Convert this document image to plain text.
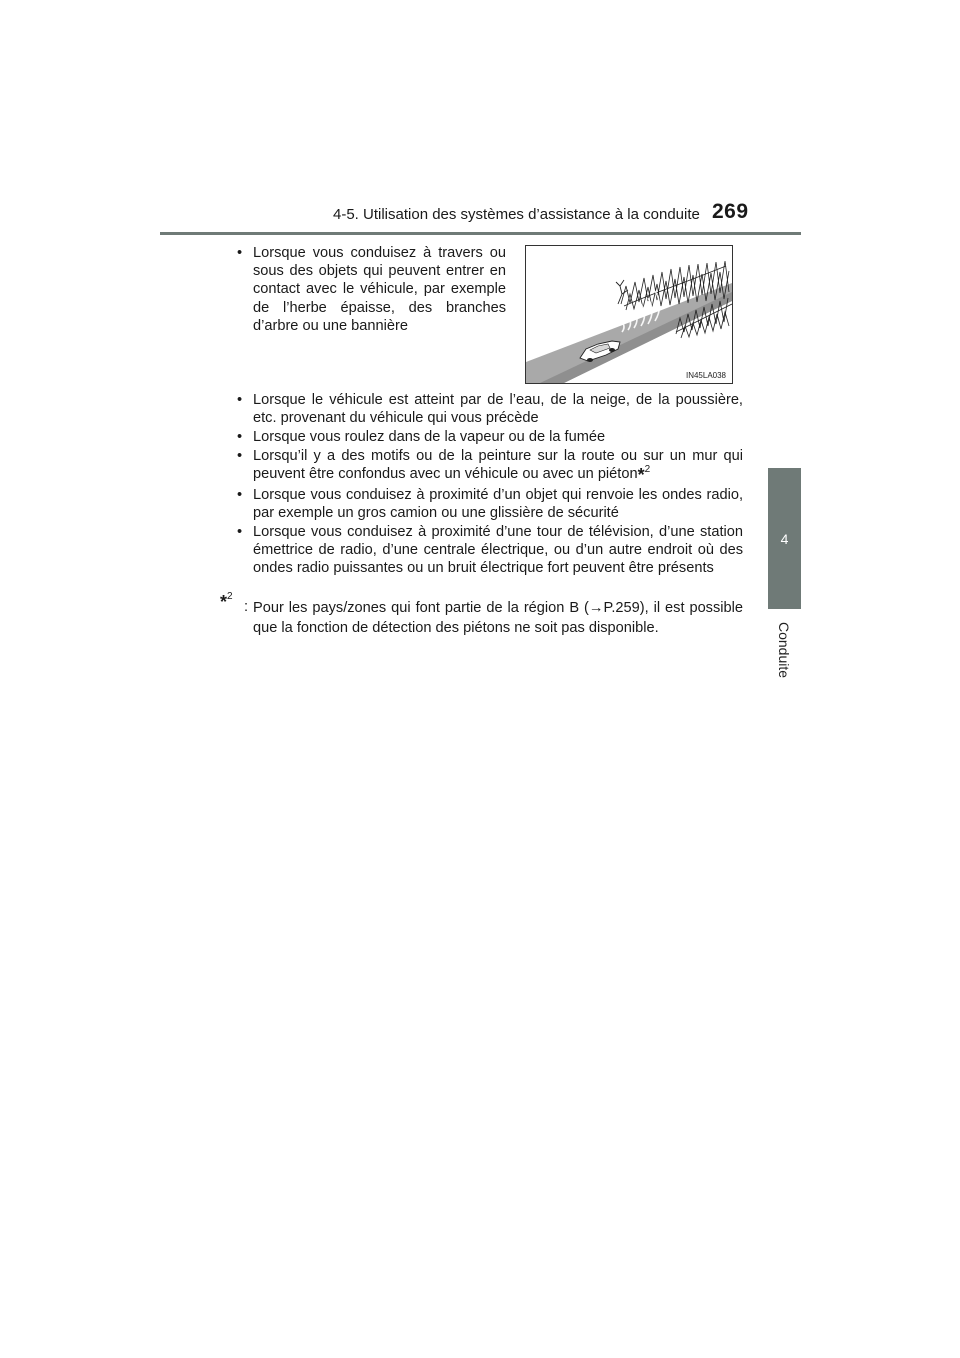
4-5. Utilisation des systèmes d’assistance à la conduite 269
4
Conduite
• Lorsque vous conduisez à travers ou sous des objets qui peuvent entrer en contact avec le véhicule, par exemple de l’herbe épaisse, des branches d’arbre ou une bannière
IN45LA038
• Lorsque le véhicule est atteint par de l’eau, de la neige, de la poussière, etc. provenant du véhicule qui vous précède
• Lorsque vous roulez dans de la vapeur ou de la fumée
• Lorsqu’il y a des motifs ou de la peinture sur la route ou sur un mur qui peuvent être confondus avec un véhicule ou avec un piéton*$^2$
• Lorsque vous conduisez à proximité d’un objet qui renvoie les ondes radio, par exemple un gros camion ou une glissière de sécurité
• Lorsque vous conduisez à proximité d’une tour de télévision, d’une station émettrice de radio, d’une centrale électrique, ou d’un autre endroit où des ondes radio puissantes ou un bruit électrique fort peuvent être présents
*$^2$
: Pour les pays/zones qui font partie de la région B (→P.259), il est possible que la fonction de détection des piétons ne soit pas disponible.
